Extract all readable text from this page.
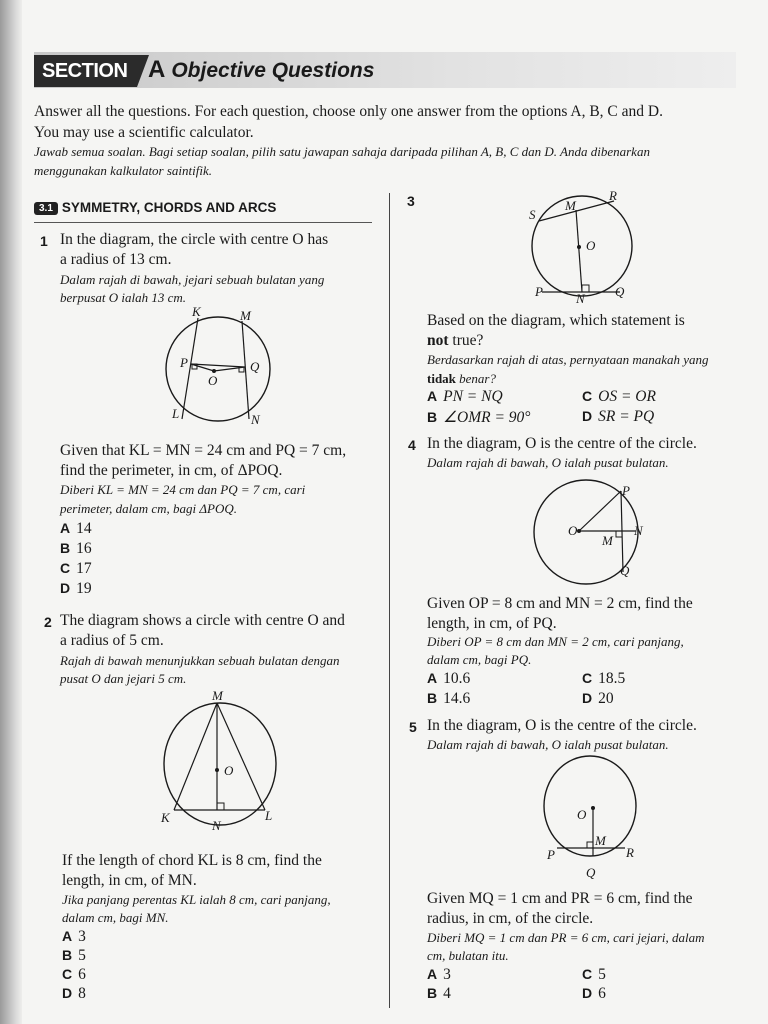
SECTION A Objective Questions
Answer all the questions. For each question, choose only one answer from the options A, B, C and D.
You may use a scientific calculator.
Jawab semua soalan. Bagi setiap soalan, pilih satu jawapan sahaja daripada pilihan A, B, C dan D. Anda dibenarkan
menggunakan kalkulator saintifik.
3.1 SYMMETRY, CHORDS AND ARCS
1 In the diagram, the circle with centre O has
a radius of 13 cm.
Dalam rajah di bawah, jejari sebuah bulatan yang
berpusat O ialah 13 cm.
K	M
P
O
Q
L	N
Given that KL = MN = 24 cm and PQ = 7 cm,
find the perimeter, in cm, of ΔPOQ.
Diberi KL = MN = 24 cm dan PQ = 7 cm, cari
perimeter, dalam cm, bagi ΔPOQ.
A 14
B 16
C 17
D 19
2 The diagram shows a circle with centre O and
a radius of 5 cm.
Rajah di bawah menunjukkan sebuah bulatan dengan
pusat O dan jejari 5 cm.
M
O
K
N
L
If the length of chord KL is 8 cm, find the
length, in cm, of MN.
Jika panjang perentas KL ialah 8 cm, cari panjang,
dalam cm, bagi MN.
A 3
B 5
C 6
D 8
3
S
M
R
O
P	N Q
Based on the diagram, which statement is
not true?
Berdasarkan rajah di atas, pernyataan manakah yang
tidak benar?
A PN = NQ
B ∠OMR = 90°
C OS = OR
D SR = PQ
4 In the diagram, O is the centre of the circle.
Dalam rajah di bawah, O ialah pusat bulatan.
P
O
M
N
Q
Given OP = 8 cm and MN = 2 cm, find the
length, in cm, of PQ.
Diberi OP = 8 cm dan MN = 2 cm, cari panjang,
dalam cm, bagi PQ.
A 10.6
B 14.6
C 18.5
D 20
5 In the diagram, O is the centre of the circle.
Dalam rajah di bawah, O ialah pusat bulatan.
O
M
P	R
Q
Given MQ = 1 cm and PR = 6 cm, find the
radius, in cm, of the circle.
Diberi MQ = 1 cm dan PR = 6 cm, cari jejari, dalam
cm, bulatan itu.
A 3
B 4
C 5
D 6
